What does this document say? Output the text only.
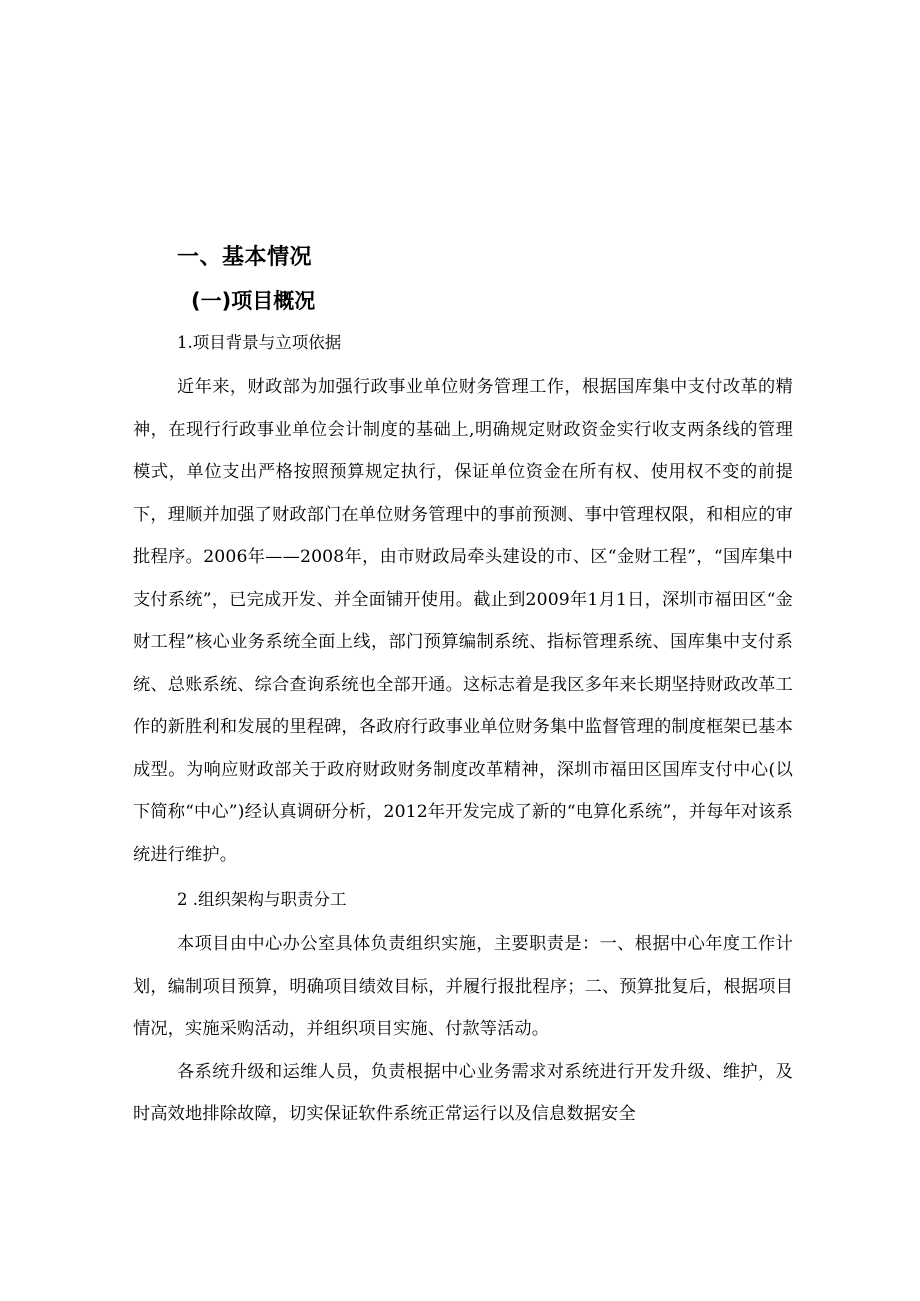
一、基本情况
(一)项目概况
1.项目背景与立项依据

近年来，财政部为加强行政事业单位财务管理工作，根据国库集中支付改革的精神，在现行行政事业单位会计制度的基础上,明确规定财政资金实行收支两条线的管理模式，单位支出严格按照预算规定执行，保证单位资金在所有权、使用权不变的前提下，理顺并加强了财政部门在单位财务管理中的事前预测、事中管理权限，和相应的审批程序。2006年——2008年，由市财政局牵头建设的市、区“金财工程”，“国库集中支付系统”，已完成开发、并全面铺开使用。截止到2009年1月1日，深圳市福田区“金财工程”核心业务系统全面上线，部门预算编制系统、指标管理系统、国库集中支付系统、总账系统、综合查询系统也全部开通。这标志着是我区多年来长期坚持财政改革工作的新胜利和发展的里程碑，各政府行政事业单位财务集中监督管理的制度框架已基本成型。为响应财政部关于政府财政财务制度改革精神，深圳市福田区国库支付中心(以下简称“中心”)经认真调研分析，2012年开发完成了新的“电算化系统”，并每年对该系统进行维护。

2 .组织架构与职责分工

本项目由中心办公室具体负责组织实施，主要职责是：一、根据中心年度工作计划，编制项目预算，明确项目绩效目标，并履行报批程序；二、预算批复后，根据项目情况，实施采购活动，并组织项目实施、付款等活动。

各系统升级和运维人员，负责根据中心业务需求对系统进行开发升级、维护，及时高效地排除故障，切实保证软件系统正常运行以及信息数据安全
